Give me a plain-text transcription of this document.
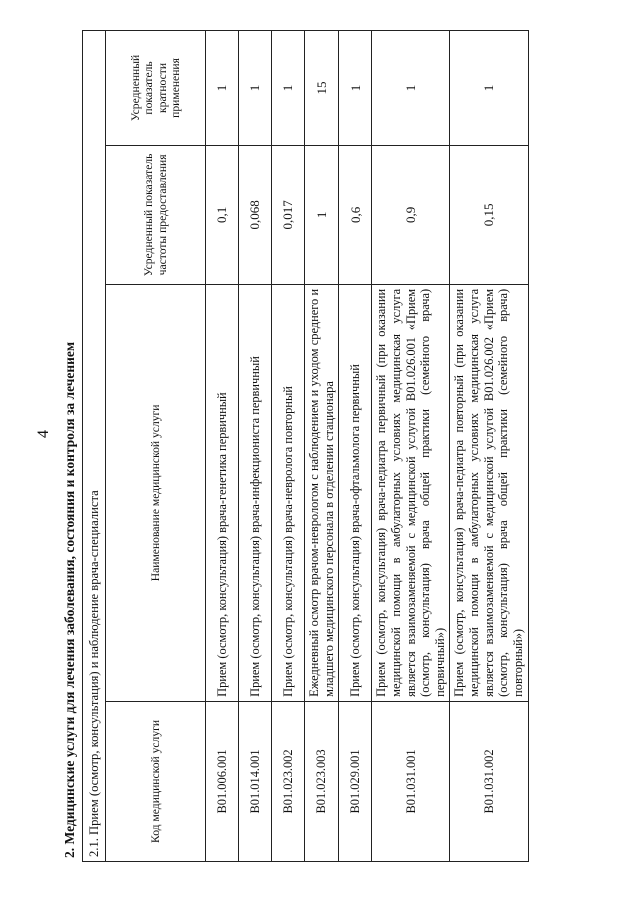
4 2. Медицинские услуги для лечения заболевания, состояния и контроля за лечением 2.1. Прием (осмотр, консультация) и наблюдение врача-специалиста			
Код медицинской услуги	Наименование медицинской услуги	Усредненный показатель частоты предоставления	Усредненный показатель кратности применения
B01.006.001	Прием (осмотр, консультация) врача-генетика первичный	0,1	1
B01.014.001	Прием (осмотр, консультация) врача-инфекциониста первичный	0,068	1
B01.023.002	Прием (осмотр, консультация) врача-невролога повторный	0,017	1
B01.023.003	Ежедневный осмотр врачом-неврологом с наблюдением и уходом среднего и младшего медицинского персонала в отделении стационара	1	15
B01.029.001	Прием (осмотр, консультация) врача-офтальмолога первичный	0,6	1
B01.031.001	Прием (осмотр, консультация) врача-педиатра первичный (при оказании медицинской помощи в амбулаторных условиях медицинская услуга является взаимозаменяемой с медицинской услугой B01.026.001 «Прием (осмотр, консультация) врача общей практики (семейного врача) первичный»)	0,9	1
B01.031.002	Прием (осмотр, консультация) врача-педиатра повторный (при оказании медицинской помощи в амбулаторных условиях медицинская услуга является взаимозаменяемой с медицинской услугой B01.026.002 «Прием (осмотр, консультация) врача общей практики (семейного врача) повторный»)	0,15	1
